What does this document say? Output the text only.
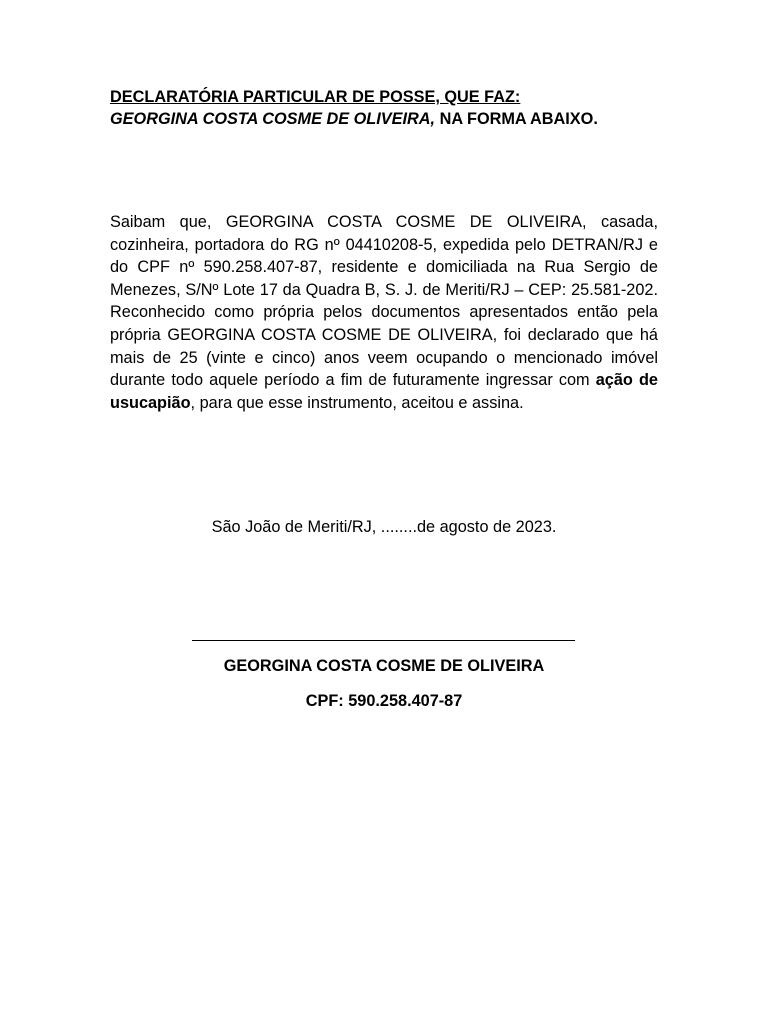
DECLARATÓRIA PARTICULAR DE POSSE, QUE FAZ:
GEORGINA COSTA COSME DE OLIVEIRA, NA FORMA ABAIXO.
Saibam que, GEORGINA COSTA COSME DE OLIVEIRA, casada, cozinheira, portadora do RG nº 04410208-5, expedida pelo DETRAN/RJ e do CPF nº 590.258.407-87, residente e domiciliada na Rua Sergio de Menezes, S/Nº Lote 17 da Quadra B, S. J. de Meriti/RJ – CEP: 25.581-202. Reconhecido como própria pelos documentos apresentados então pela própria GEORGINA COSTA COSME DE OLIVEIRA, foi declarado que há mais de 25 (vinte e cinco) anos veem ocupando o mencionado imóvel durante todo aquele período a fim de futuramente ingressar com ação de usucapião, para que esse instrumento, aceitou e assina.
São João de Meriti/RJ, ........de agosto de 2023.
GEORGINA COSTA COSME DE OLIVEIRA
CPF: 590.258.407-87
